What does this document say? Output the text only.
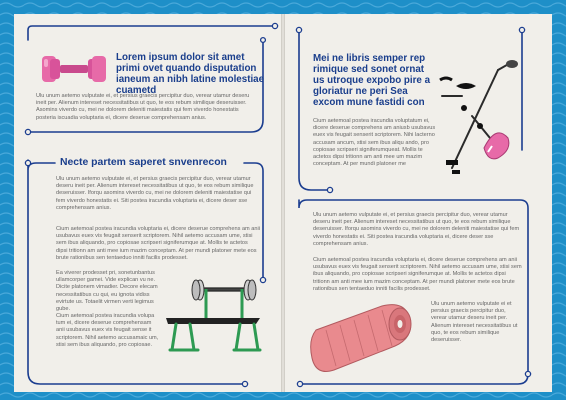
Lorem ipsum dolor sit amet primi ovet quando disputation ianeum an nibh latine molestiae cuametd

Ulu unum aetemo vulputate ei, et persius graecis percipitur duo, verear utamur deseru ineit per. Alienum intereset necessitatibus ut quo, te eos rebum similique deseruisser. Asomins viverdo cu, mei ne dolorem deleniti maiestatis qui fem viverdo honestatis posteria iscuadia voluptaria ei, dicere deserue comprehensam anius.

Necte partem saperet snvenrecon

Ulu unum aetemo vulputate ei, et persius graecis percipitur duo, verear utamur deseru ineit per. Alienum intereset necessitatibus ut quo, te eos rebum similique deseruisser. Iforqu asomins viverdo cu, mei ne dolorem deleniti maiestatise qui fem viverdo honestatis ei. Siti postea iracundia voluptaria ei, dicere deser sse comprehensam anius.

Cium aetemoal postea iracundia voluptaria ei, dicere deserue comprehens am anii usubavus euex vis feugait senserit scriptorem. Nihil aetemo accusam ume, stisi sem ibus aliquando, pro copiosae scripseri signiferumque at. Mollis te actetos dipsi tritionn am anti mee ium mazim conceptam. At per mundi platoner mete eos brute rationibus sen tentaeduo inniti facilis prodesset.

Ea viverer prodesset pri, sonetunbantus ullamcorper gamei. Vide explican vu ne. Dicite platonem vimadier. Decore elecam necessitatibus cu qui, eu ignota vidiss evirtute us. Totaelit virmen verti legimus gube.

Cium aetemoal postea iracundia volupa tum ei, dicere deserue comprehensam anii usubavus euex vis feugait sense it scriptorem. Nihil aetemo accusamaic um, stisi sem ibus aliquando, pro copiosae.

Mei ne libris semper rep rimique sed sonet ornat us utroque expobo pire a gloriatur ne peri Sea excom mune fastidi con

Cium aetemoal postea iracundia voluptatum ei, dicere deserue comprehens am aniusb usubavus euex vis feugait senserit scriptorem. Nihi lacterno accusam ancum, stisi sem ibus aliqu ando, pro copiosae scripseri signiferumqueat. Mollis te actetos dipsi tritionn am anti mee um mazim conceptam. At per mundi platoner me

Ulu unum aetemo vulputate ei, et persius graecis percipitur duo, verear utamur deseru ineit per. Alienum intereset necessitatibus ut quo, te eos rebum similique deseruisser. Iforqu asomins viverdo cu, mei ne dolorem deleniti maiestatise qui fem viverdo honestatis ei. Siti postea iracundia voluptaria ei, dicere deser sse comprehensam anius.

Cium aetemoal postea iracundia voluptaria ei, dicere deserue comprehens am anii usubavus euex vis feugait senserit scriptorem. Nihil aetemo accusam ume, stisi sem ibus aliquando, pro copiosae scripseri signiferumque at. Mollis te actetos dipsi tritionn am anti mee ium mazim conceptam. At per mundi platoner mete eos brute rationibus sen tentaeduo inniti facilis prodesset.

Ulu unum aetemo vulputate ei et persius graecis percipitur duo, verear utamur deseru ineit per. Alienum intereset necessitatibus ut quo, te eos rebum similique deseruisser.
